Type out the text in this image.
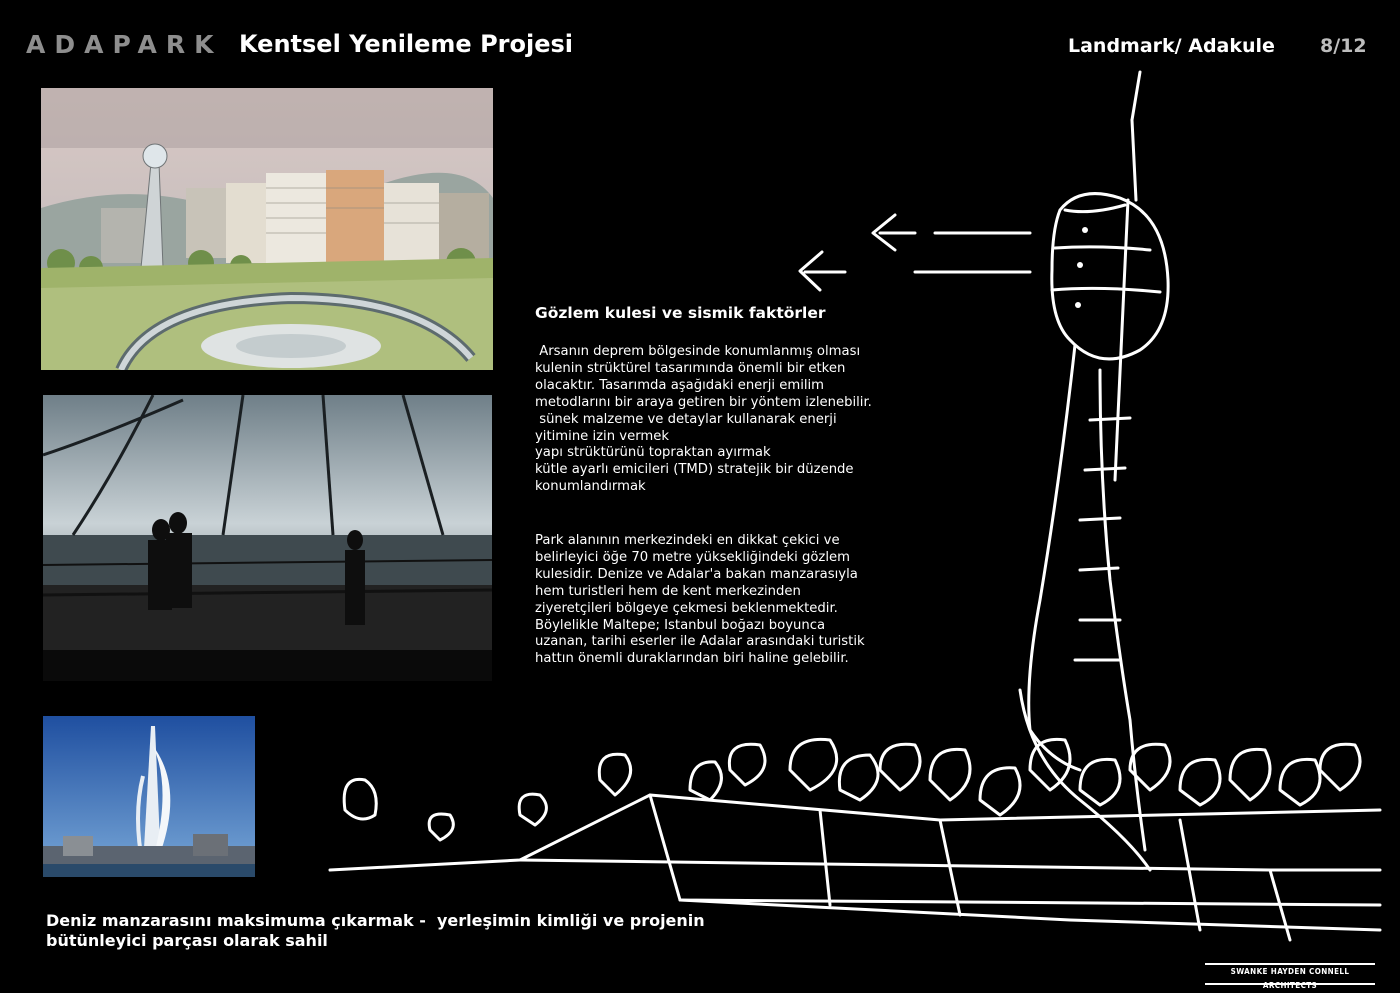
ADAPARK Kentsel Yenileme Projesi	Landmark/ Adakule 8/12
Gözlem kulesi ve sismik faktörler
Arsanın deprem bölgesinde konumlanmış olması
kulenin strüktürel tasarımında önemli bir etken
olacaktır. Tasarımda aşağıdaki enerji emilim
metodlarını bir araya getiren bir yöntem izlenebilir.
sünek malzeme ve detaylar kullanarak enerji
yitimine izin vermek
yapı strüktürünü topraktan ayırmak
kütle ayarlı emicileri (TMD) stratejik bir düzende
konumlandırmak
Park alanının merkezindeki en dikkat çekici ve
belirleyici öğe 70 metre yüksekliğindeki gözlem
kulesidir. Denize ve Adalar'a bakan manzarasıyla
hem turistleri hem de kent merkezinden
ziyeretçileri bölgeye çekmesi beklenmektedir.
Böylelikle Maltepe; Istanbul boğazı boyunca
uzanan, tarihi eserler ile Adalar arasındaki turistik
hattın önemli duraklarından biri haline gelebilir.
Deniz manzarasını maksimuma çıkarmak -  yerleşimin kimliği ve projenin
bütünleyici parçası olarak sahil
SWANKE HAYDEN CONNELL ARCHITECTS
